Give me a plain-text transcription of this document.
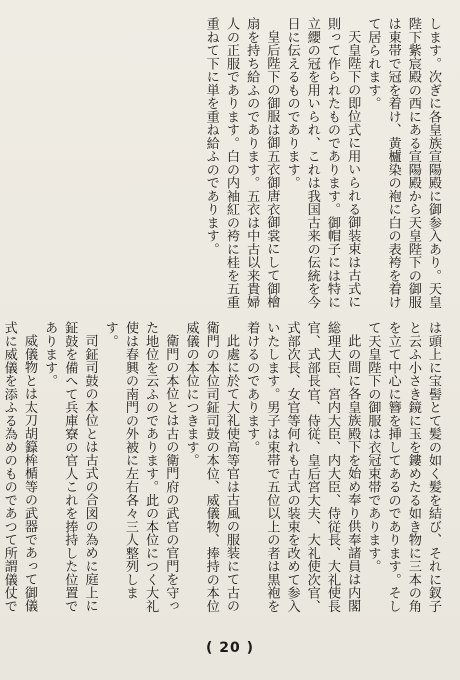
します。次ぎに各皇族宣陽殿に御参入あり。天皇陛下紫宸殿の西にある宣陽殿から天皇陛下の御服は東帯で冠を着け、黄櫨染の袍に白の表袴を着けて居られます。

天皇陛下の即位式に用いられる御装束は古式に則って作られたものであります。御帽子には特に立纓の冠を用いられ、これは我国古来の伝統を今日に伝えるものであります。

皇后陛下の御服は御五衣御唐衣御裳にして御檜扇を持ち給ふのであります。五衣は中古以来貴婦人の正服であります。白の内袖紅の袴に桂を五重重ねて下に単を重ね給ふのであります。

は頭上に宝髻とて髪の如く髪を結び、それに釵子と云ふ小さき鏡に玉を鏤めたる如き物に三本の角を立て中心に簪を挿してあるのであります。そして天皇陛下の御服は衣冠束帯であります。

此の間に各皇族殿下を始め奉り供奉諸員は内閣総理大臣、宮内大臣、内大臣、侍従長、大礼使長官、式部長官、侍従、皇后宮大夫、大礼使次官、式部次長、女官等何れも古式の装束を改めて参入いたします。男子は束帯で五位以上の者は黒袍を着けるのであります。

此處に於て大礼使高等官は古風の服装にて古の衛門の本位司鉦司鼓の本位、威儀物、捧持の本位威儀の本位につきます。

衛門の本位とは古の衛門府の武官の官門を守った地位を云ふのであります。此の本位につく大礼使は春興の南門の外被に左右各々三人整列します。

司鉦司鼓の本位とは古式の合図の為めに庭上に鉦鼓を備へて兵庫寮の官人これを捧持した位置であります。

威儀物とは太刀胡籙桙楯等の武器であって御儀式に威儀を添ふる為めのものであつて所謂儀仗で

( 20 )
